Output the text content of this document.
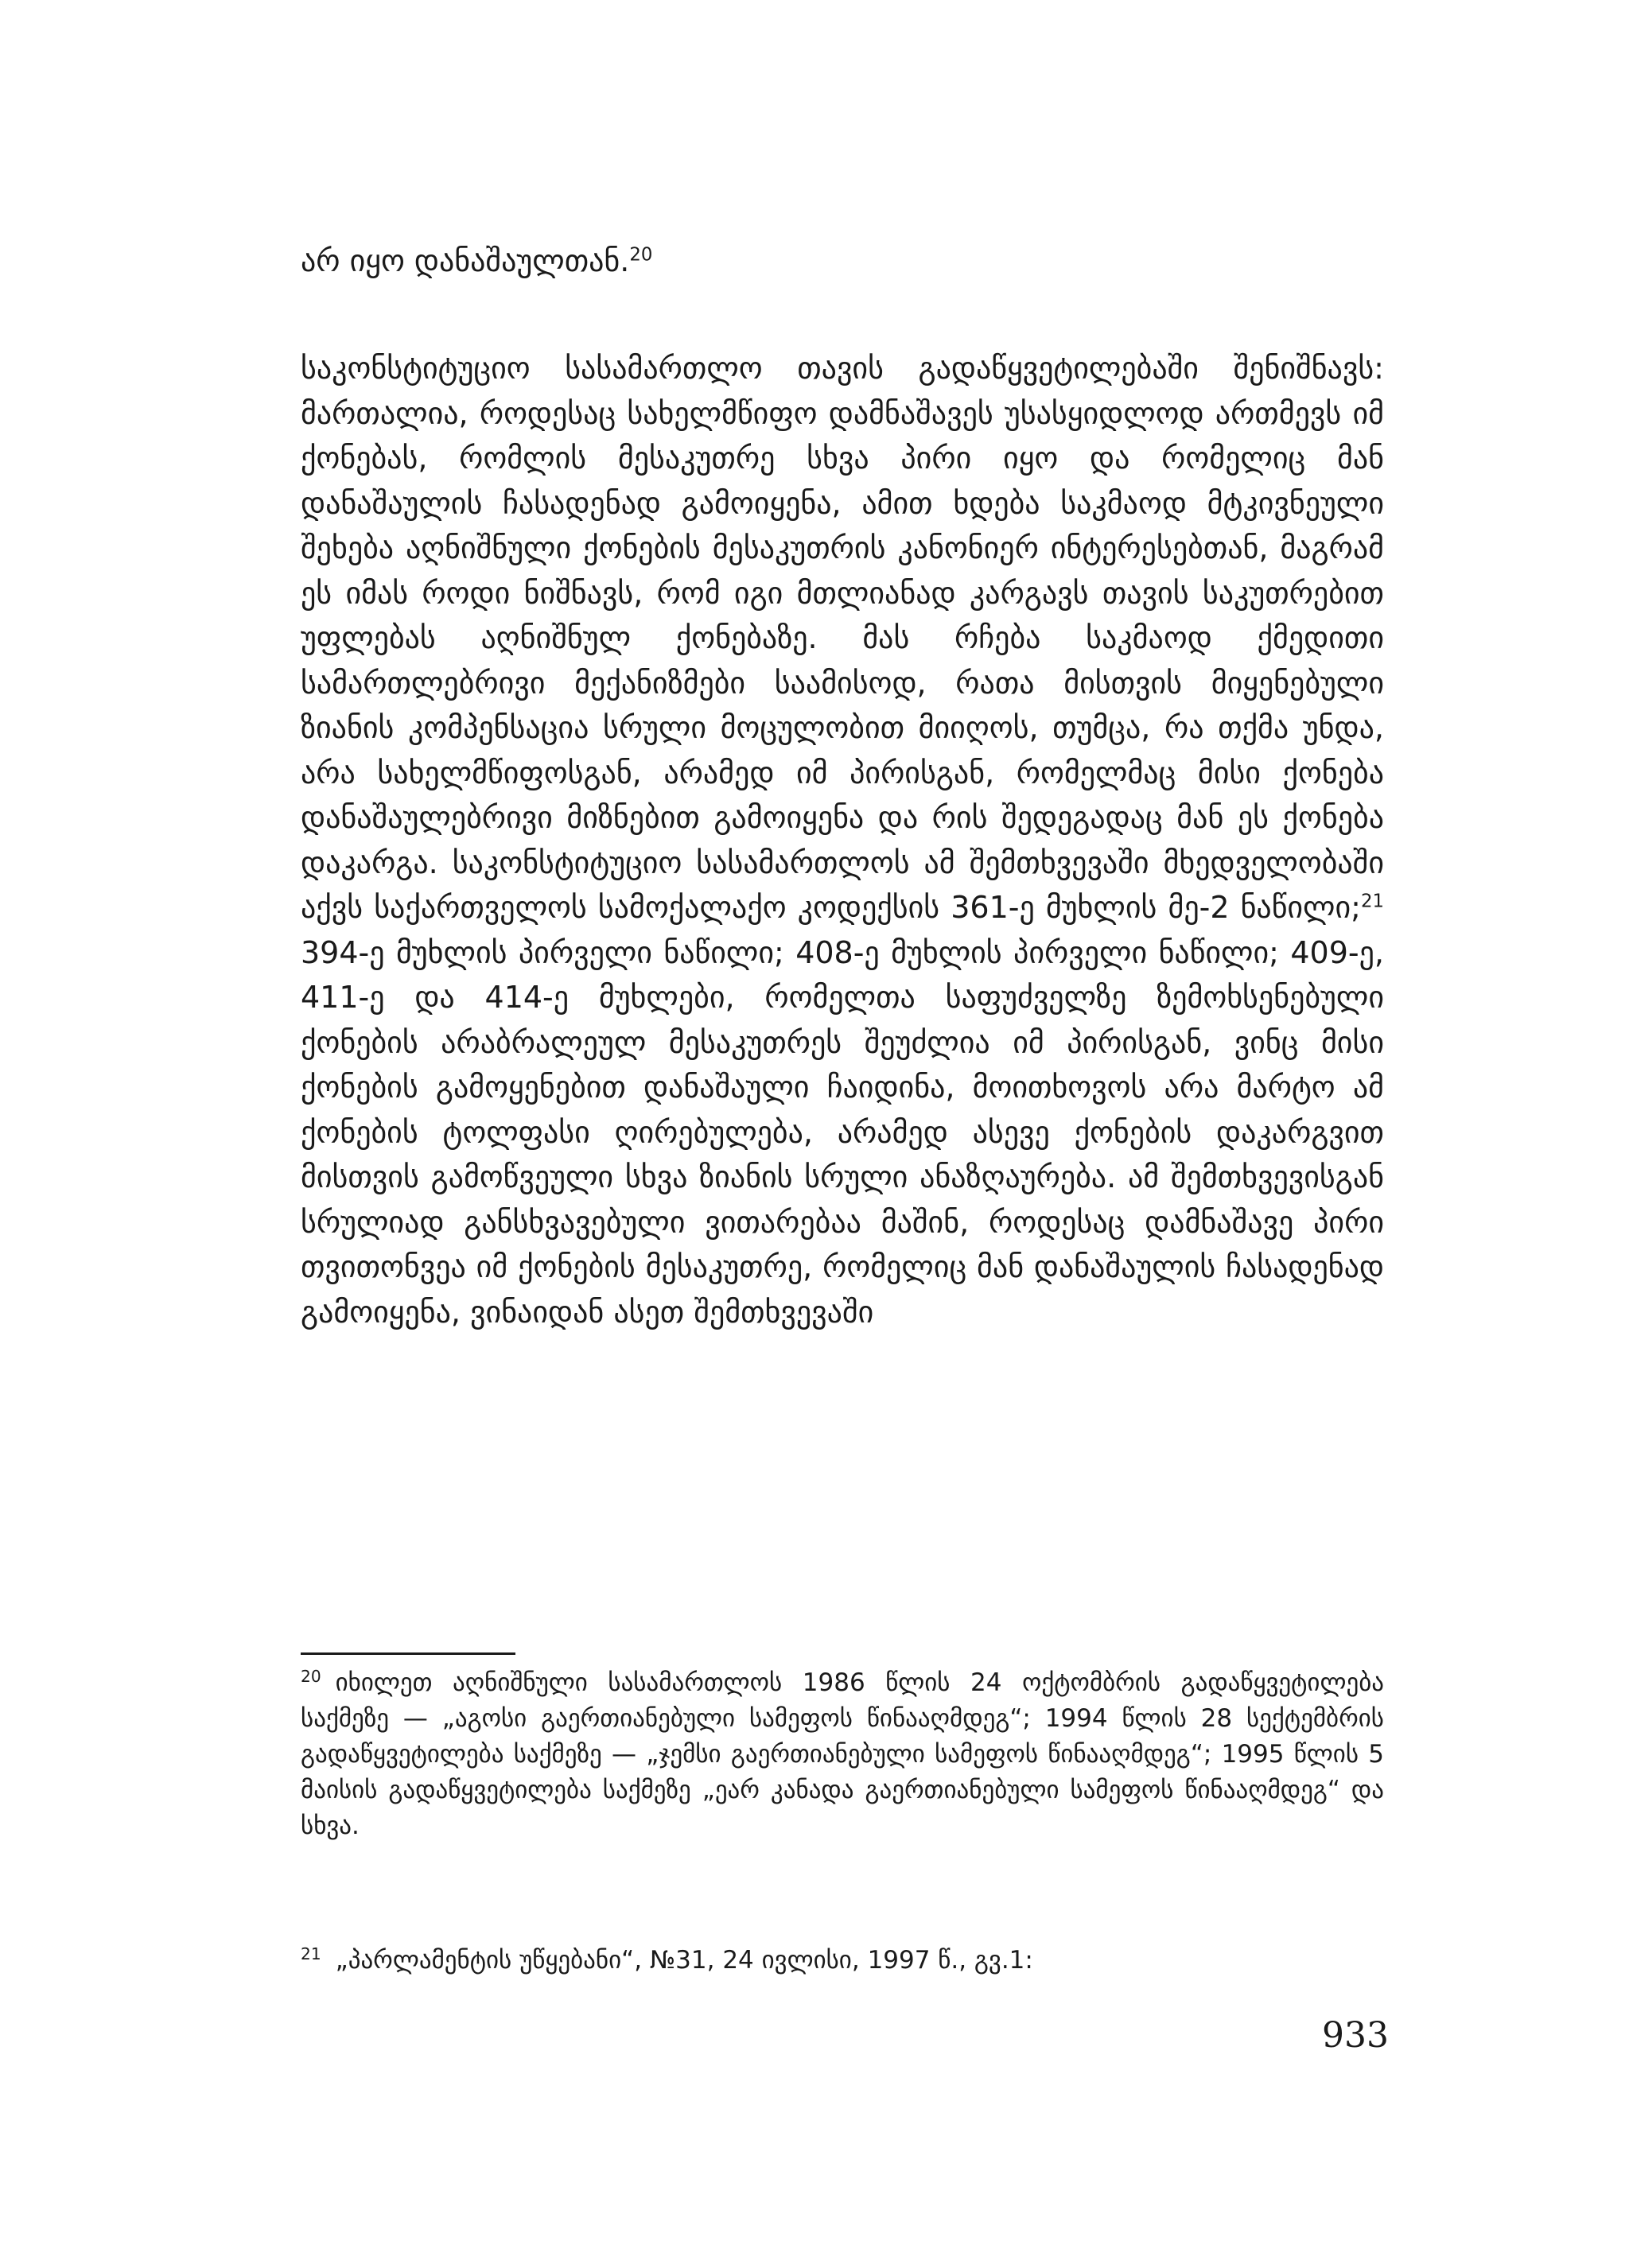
არ იყო დანაშაულთან.$^{20}$

საკონსტიტუციო სასამართლო თავის გადაწყვეტილებაში შენიშნავს: მართალია, როდესაც სახელმწიფო დამნაშავეს უსასყიდლოდ ართმევს იმ ქონებას, რომლის მესაკუთრე სხვა პირი იყო და რომელიც მან დანაშაულის ჩასადენად გამოიყენა, ამით ხდება საკმაოდ მტკივნეული შეხება აღნიშნული ქონების მესაკუთრის კანონიერ ინტერესებთან, მაგრამ ეს იმას როდი ნიშნავს, რომ იგი მთლიანად კარგავს თავის საკუთრებით უფლებას აღნიშნულ ქონებაზე. მას რჩება საკმაოდ ქმედითი სამართლებრივი მექანიზმები საამისოდ, რათა მისთვის მიყენებული ზიანის კომპენსაცია სრული მოცულობით მიიღოს, თუმცა, რა თქმა უნდა, არა სახელმწიფოსგან, არამედ იმ პირისგან, რომელმაც მისი ქონება დანაშაულებრივი მიზნებით გამოიყენა და რის შედეგადაც მან ეს ქონება დაკარგა. საკონსტიტუციო სასამართლოს ამ შემთხვევაში მხედველობაში აქვს საქართველოს სამოქალაქო კოდექსის 361-ე მუხლის მე-2 ნაწილი;$^{21}$ 394-ე მუხლის პირველი ნაწილი; 408-ე მუხლის პირველი ნაწილი; 409-ე, 411-ე და 414-ე მუხლები, რომელთა საფუძველზე ზემოხსენებული ქონების არაბრალეულ მესაკუთრეს შეუძლია იმ პირისგან, ვინც მისი ქონების გამოყენებით დანაშაული ჩაიდინა, მოითხოვოს არა მარტო ამ ქონების ტოლფასი ღირებულება, არამედ ასევე ქონების დაკარგვით მისთვის გამოწვეული სხვა ზიანის სრული ანაზღაურება. ამ შემთხვევისგან სრულიად განსხვავებული ვითარებაა მაშინ, როდესაც დამნაშავე პირი თვითონვეა იმ ქონების მესაკუთრე, რომელიც მან დანაშაულის ჩასადენად გამოიყენა, ვინაიდან ასეთ შემთხვევაში

$^{20}$ იხილეთ აღნიშნული სასამართლოს 1986 წლის 24 ოქტომბრის გადაწყვეტილება საქმეზე — „აგოსი გაერთიანებული სამეფოს წინააღმდეგ“; 1994 წლის 28 სექტემბრის გადაწყვეტილება საქმეზე — „ჯემსი გაერთიანებული სამეფოს წინააღმდეგ“; 1995 წლის 5 მაისის გადაწყვეტილება საქმეზე „ეარ კანადა გაერთიანებული სამეფოს წინააღმდეგ“ და სხვა.

$^{21}$ „პარლამენტის უწყებანი“, №31, 24 ივლისი, 1997 წ., გვ.1:

933
